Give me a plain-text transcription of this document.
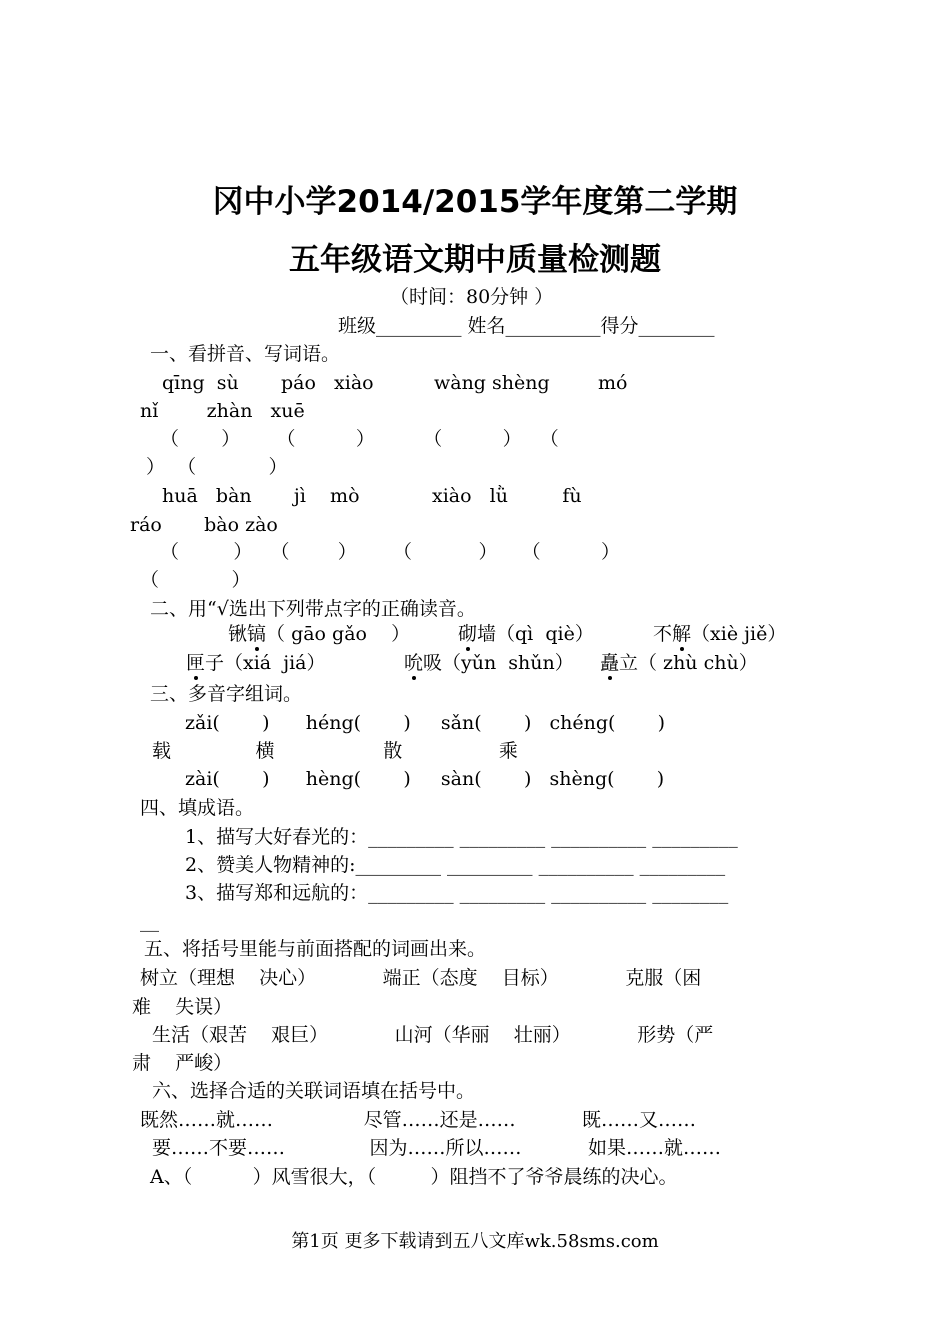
冈中小学2014/2015学年度第二学期
五年级语文期中质量检测题
（时间：80分钟 ）
班级_________ 姓名__________得分________
一、看拼音、写词语。
qīng  sù       páo   xiào          wàng shèng        mó
nǐ        zhàn   xuē
（       ）      （          ）        （          ）   （
）  （            ）
huā   bàn       jì    mò            xiào   lǜ         fù
ráo       bào zào
（         ）   （        ）      （           ）    （          ）
（            ）
二、用“√选出下列带点字的正确读音。
锹镐（ gāo gǎo    ）	砌墙（qì  qiè）	不解（xiè jiě）
匣子（xiá  jiá）	吮吸（yǔn  shǔn） 矗立（ zhù chù）
三、多音字组词。
zǎi(       )      héng(       )     sǎn(       )   chéng(       )
载              横                  散                乘
zài(       )      hèng(       )     sàn(       )   shèng(       )
四、填成语。
1、描写大好春光的：_________ _________ __________ _________
2、赞美人物精神的:_________ _________ __________ _________
3、描写郑和远航的：_________ _________ __________ ________
__
五、将括号里能与前面搭配的词画出来。
树立（理想    决心）           端正（态度    目标）           克服（困
难    失误）
生活（艰苦    艰巨）           山河（华丽    壮丽）           形势（严
肃    严峻）
六、选择合适的关联词语填在括号中。
既然……就……               尽管……还是……           既……又……
要……不要……              因为……所以……           如果……就……
A、（          ）风雪很大，（         ）阻挡不了爷爷晨练的决心。
第1页 更多下载请到五八文库wk.58sms.com
